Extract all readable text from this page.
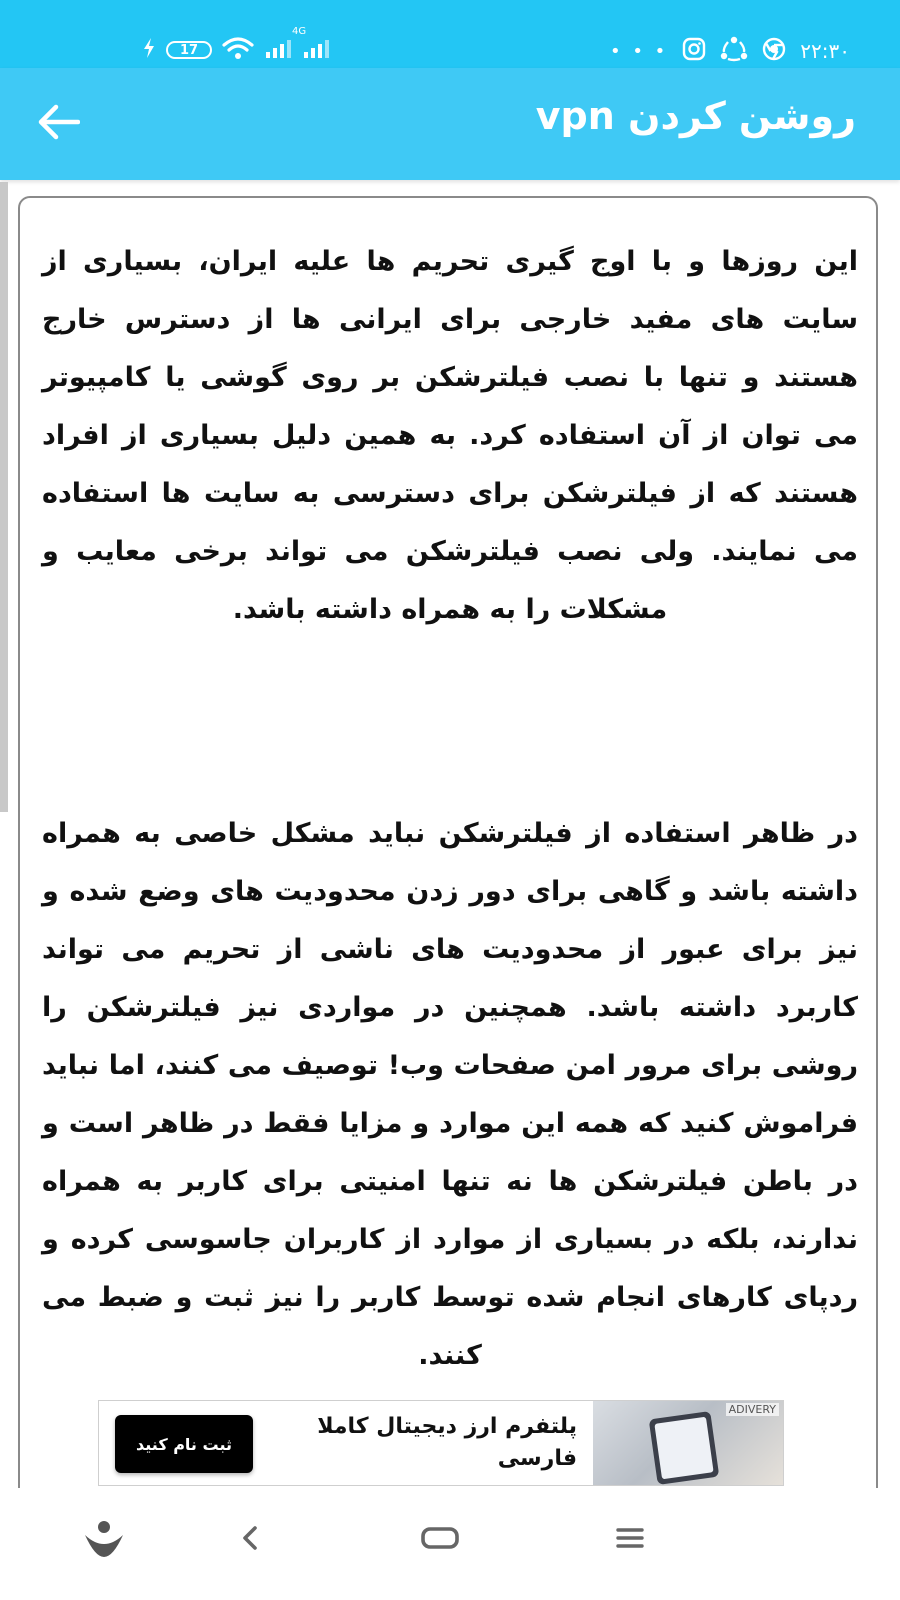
17
4G
• • •	۲۲:۳۰
روشن کردن vpn

این روزها و با اوج گیری تحریم ها علیه ایران، بسیاری از سایت های مفید خارجی برای ایرانی ها از دسترس خارج هستند و تنها با نصب فیلترشکن بر روی گوشی یا کامپیوتر می توان از آن استفاده کرد. به همین دلیل بسیاری از افراد هستند که از فیلترشکن برای دسترسی به سایت ها استفاده می نمایند. ولی نصب فیلترشکن می تواند برخی معایب و مشکلات را به همراه داشته باشد.

در ظاهر استفاده از فیلترشکن نباید مشکل خاصی به همراه داشته باشد و گاهی برای دور زدن محدودیت های وضع شده و نیز برای عبور از محدودیت های ناشی از تحریم می تواند کاربرد داشته باشد. همچنین در مواردی نیز فیلترشکن را روشی برای مرور امن صفحات وب! توصیف می کنند، اما نباید فراموش کنید که همه این موارد و مزایا فقط در ظاهر است و در باطن فیلترشکن ها نه تنها امنیتی برای کاربر به همراه ندارند، بلکه در بسیاری از موارد از کاربران جاسوسی کرده و ردپای کارهای انجام شده توسط کاربر را نیز ثبت و ضبط می کنند.

ADIVERY
پلتفرم ارز دیجیتال کاملا فارسی
ثبت نام کنید
